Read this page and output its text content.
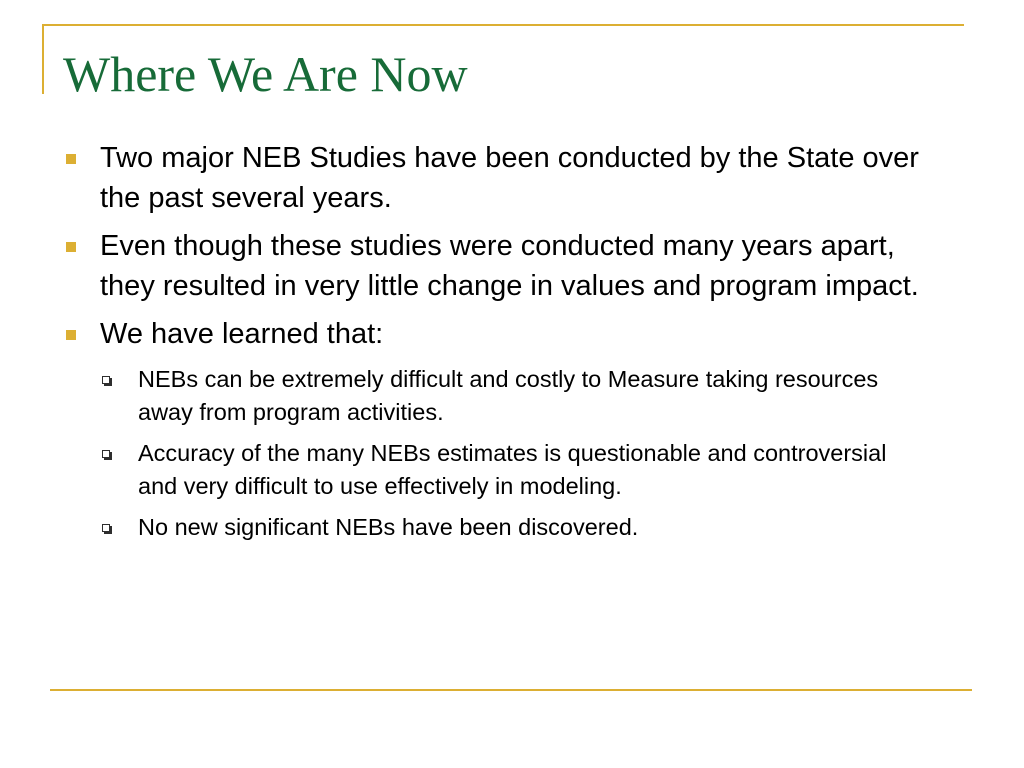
Where We Are Now
Two major NEB Studies have been conducted by the State over the past several years.
Even though these studies were conducted many years apart, they resulted in very little change in values and program impact.
We have learned that:
NEBs can be extremely difficult and costly to Measure taking resources away from program activities.
Accuracy of the many NEBs estimates is questionable and controversial and very difficult to use effectively in modeling.
No new significant NEBs have been discovered.
